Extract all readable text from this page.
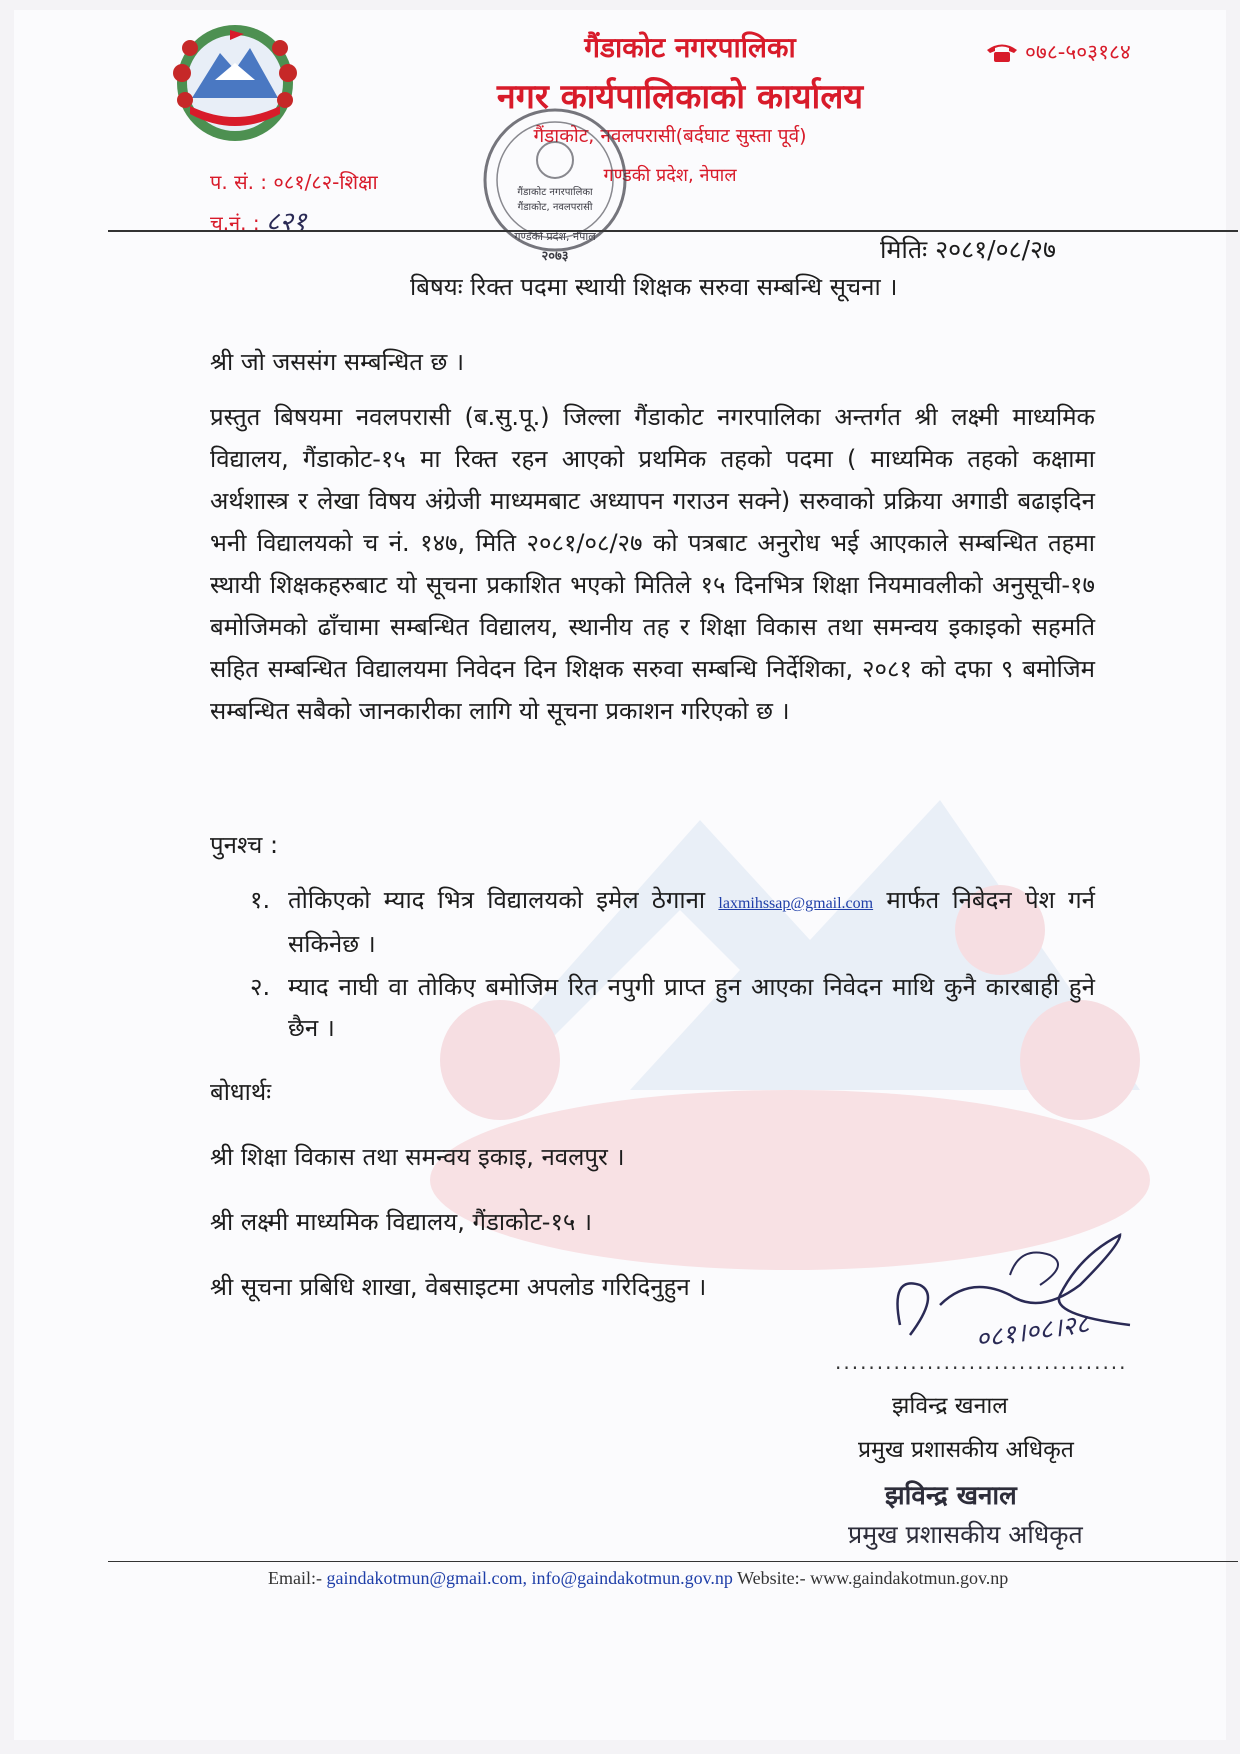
गैंडाकोट नगरपालिका
नगर कार्यपालिकाको कार्यालय
गैंडाकोट, नवलपरासी(बर्दघाट सुस्ता पूर्व)
गण्डकी प्रदेश, नेपाल
०७८-५०३१८४
प. सं. : ०८१/८२-शिक्षा
च.नं. : ८२१
गैंडाकोट नगरपालिका
गैंडाकोट, नवलपरासी
गण्डकी प्रदेश, नेपाल
२०७३	मितिः २०८१/०८/२७
बिषयः रिक्त पदमा स्थायी शिक्षक सरुवा सम्बन्धि सूचना ।
श्री जो जससंग सम्बन्धित छ ।
प्रस्तुत बिषयमा नवलपरासी (ब.सु.पू.) जिल्ला गैंडाकोट नगरपालिका अन्तर्गत श्री लक्ष्मी माध्यमिक विद्यालय, गैंडाकोट-१५ मा रिक्त रहन आएको प्रथमिक तहको पदमा ( माध्यमिक तहको कक्षामा अर्थशास्त्र र लेखा विषय अंग्रेजी माध्यमबाट अध्यापन गराउन सक्ने) सरुवाको प्रक्रिया अगाडी बढाइदिन भनी विद्यालयको च नं. १४७, मिति २०८१/०८/२७ को पत्रबाट अनुरोध भई आएकाले सम्बन्धित तहमा स्थायी शिक्षकहरुबाट यो सूचना प्रकाशित भएको मितिले १५ दिनभित्र शिक्षा नियमावलीको अनुसूची-१७ बमोजिमको ढाँचामा सम्बन्धित विद्यालय, स्थानीय तह र शिक्षा विकास तथा समन्वय इकाइको सहमति सहित सम्बन्धित विद्यालयमा निवेदन दिन शिक्षक सरुवा सम्बन्धि निर्देशिका, २०८१ को दफा ९ बमोजिम सम्बन्धित सबैको जानकारीका लागि यो सूचना प्रकाशन गरिएको छ ।
पुनश्च :
१. तोकिएको म्याद भित्र विद्यालयको इमेल ठेगाना laxmihssap@gmail.com मार्फत निबेदन पेश गर्न सकिनेछ ।
२. म्याद नाघी वा तोकिए बमोजिम रित नपुगी प्राप्त हुन आएका निवेदन माथि कुनै कारबाही हुने छैन ।
बोधार्थः
श्री शिक्षा विकास तथा समन्वय इकाइ, नवलपुर ।
श्री लक्ष्मी माध्यमिक विद्यालय, गैंडाकोट-१५ ।
श्री सूचना प्रबिधि शाखा, वेबसाइटमा अपलोड गरिदिनुहुन ।
०८१।०८।२८
...................................
झविन्द्र खनाल
प्रमुख प्रशासकीय अधिकृत
झविन्द्र खनाल
प्रमुख प्रशासकीय अधिकृत
Email:- gaindakotmun@gmail.com, info@gaindakotmun.gov.np Website:- www.gaindakotmun.gov.np
